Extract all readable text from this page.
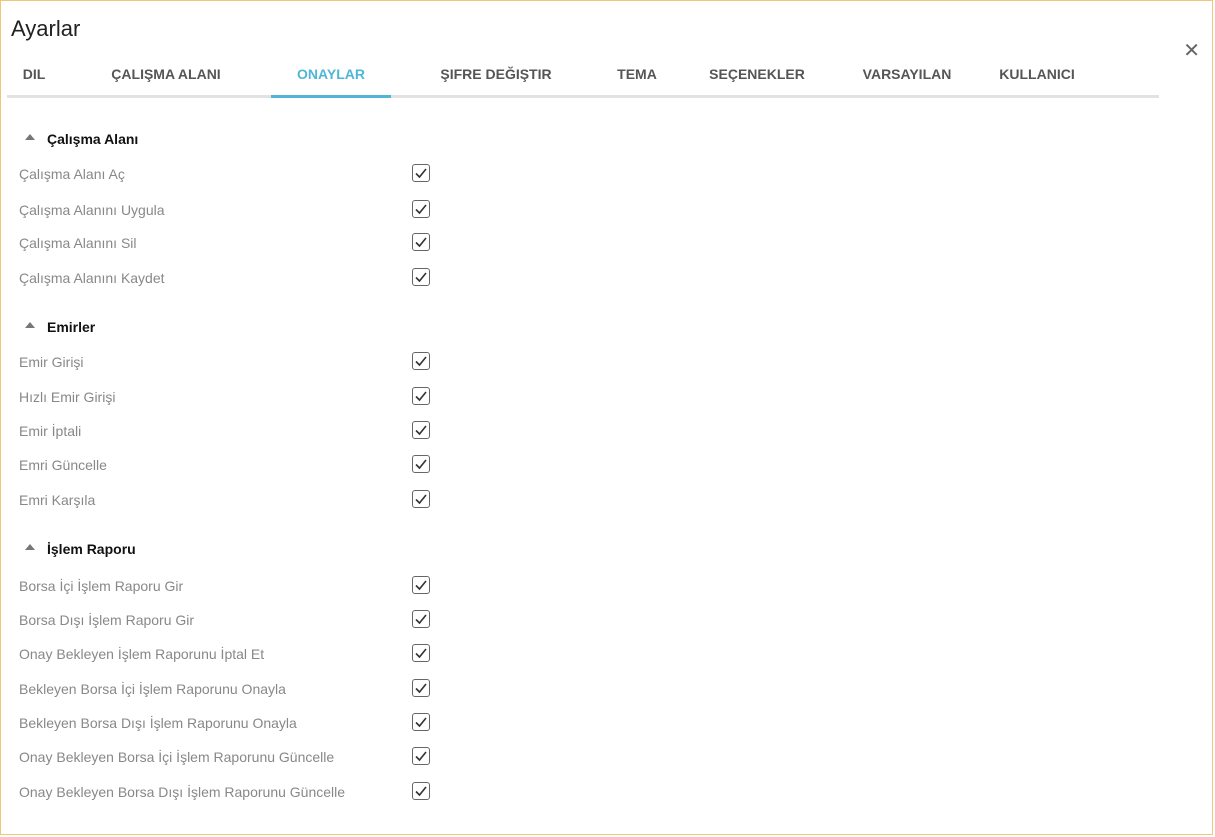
Ayarlar
✕
DIL	ÇALIŞMA ALANI	ONAYLAR	ŞIFRE DEĞIŞTIR	TEMA	SEÇENEKLER	VARSAYILAN	KULLANICI
Çalışma Alanı
Çalışma Alanı Aç
Çalışma Alanını Uygula
Çalışma Alanını Sil
Çalışma Alanını Kaydet
Emirler
Emir Girişi
Hızlı Emir Girişi
Emir İptali
Emri Güncelle
Emri Karşıla
İşlem Raporu
Borsa İçi İşlem Raporu Gir
Borsa Dışı İşlem Raporu Gir
Onay Bekleyen İşlem Raporunu İptal Et
Bekleyen Borsa İçi İşlem Raporunu Onayla
Bekleyen Borsa Dışı İşlem Raporunu Onayla
Onay Bekleyen Borsa İçi İşlem Raporunu Güncelle
Onay Bekleyen Borsa Dışı İşlem Raporunu Güncelle
